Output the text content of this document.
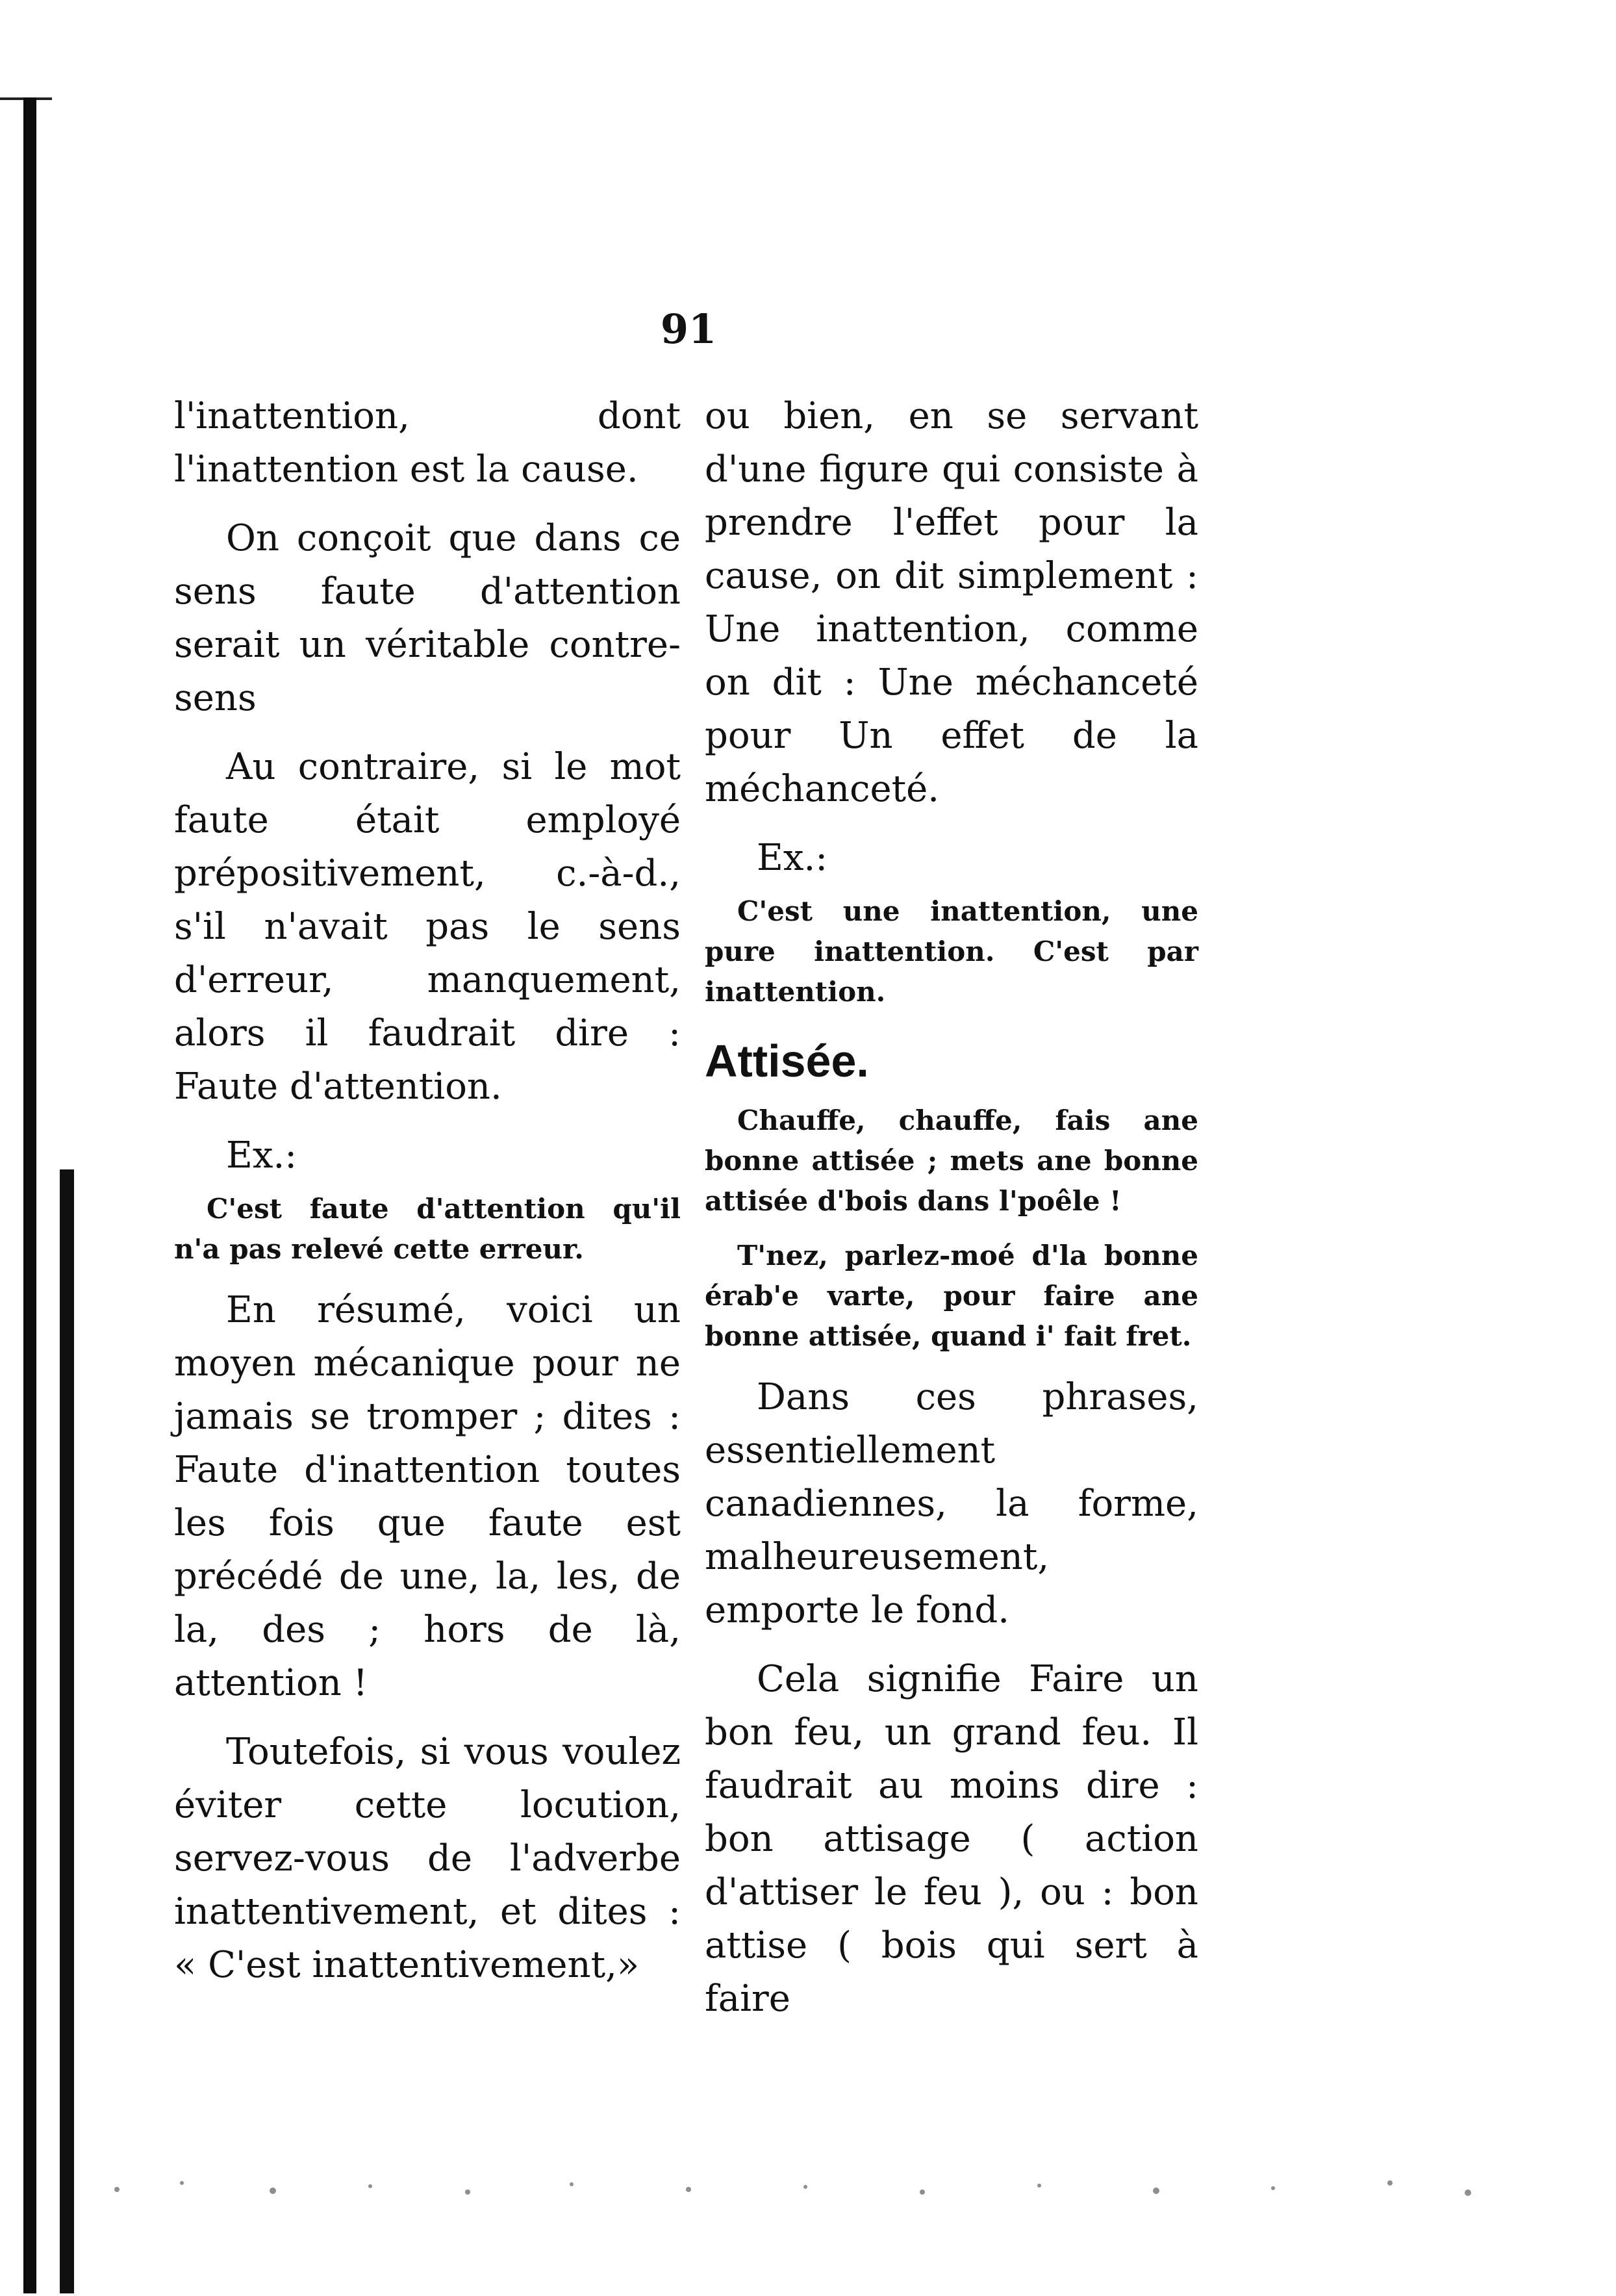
91

l'inattention, dont l'inattention est la cause.

On conçoit que dans ce sens faute d'attention serait un véritable contre-sens

Au contraire, si le mot faute était employé prépositivement, c.-à-d., s'il n'avait pas le sens d'erreur, manquement, alors il faudrait dire : Faute d'attention.

Ex.:

C'est faute d'attention qu'il n'a pas relevé cette erreur.

En résumé, voici un moyen mécanique pour ne jamais se tromper ; dites : Faute d'inattention toutes les fois que faute est précédé de une, la, les, de la, des ; hors de là, attention !

Toutefois, si vous voulez éviter cette locution, servez-vous de l'adverbe inattentivement, et dites : « C'est inattentivement,»

ou bien, en se servant d'une figure qui consiste à prendre l'effet pour la cause, on dit simplement : Une inattention, comme on dit : Une méchanceté pour Un effet de la méchanceté.

Ex.:

C'est une inattention, une pure inattention. C'est par inattention.

Attisée.

Chauffe, chauffe, fais ane bonne attisée ; mets ane bonne attisée d'bois dans l'poêle !

T'nez, parlez-moé d'la bonne érab'e varte, pour faire ane bonne attisée, quand i' fait fret.

Dans ces phrases, essentiellement canadiennes, la forme, malheureusement, emporte le fond.

Cela signifie Faire un bon feu, un grand feu. Il faudrait au moins dire : bon attisage ( action d'attiser le feu ), ou : bon attise ( bois qui sert à faire
